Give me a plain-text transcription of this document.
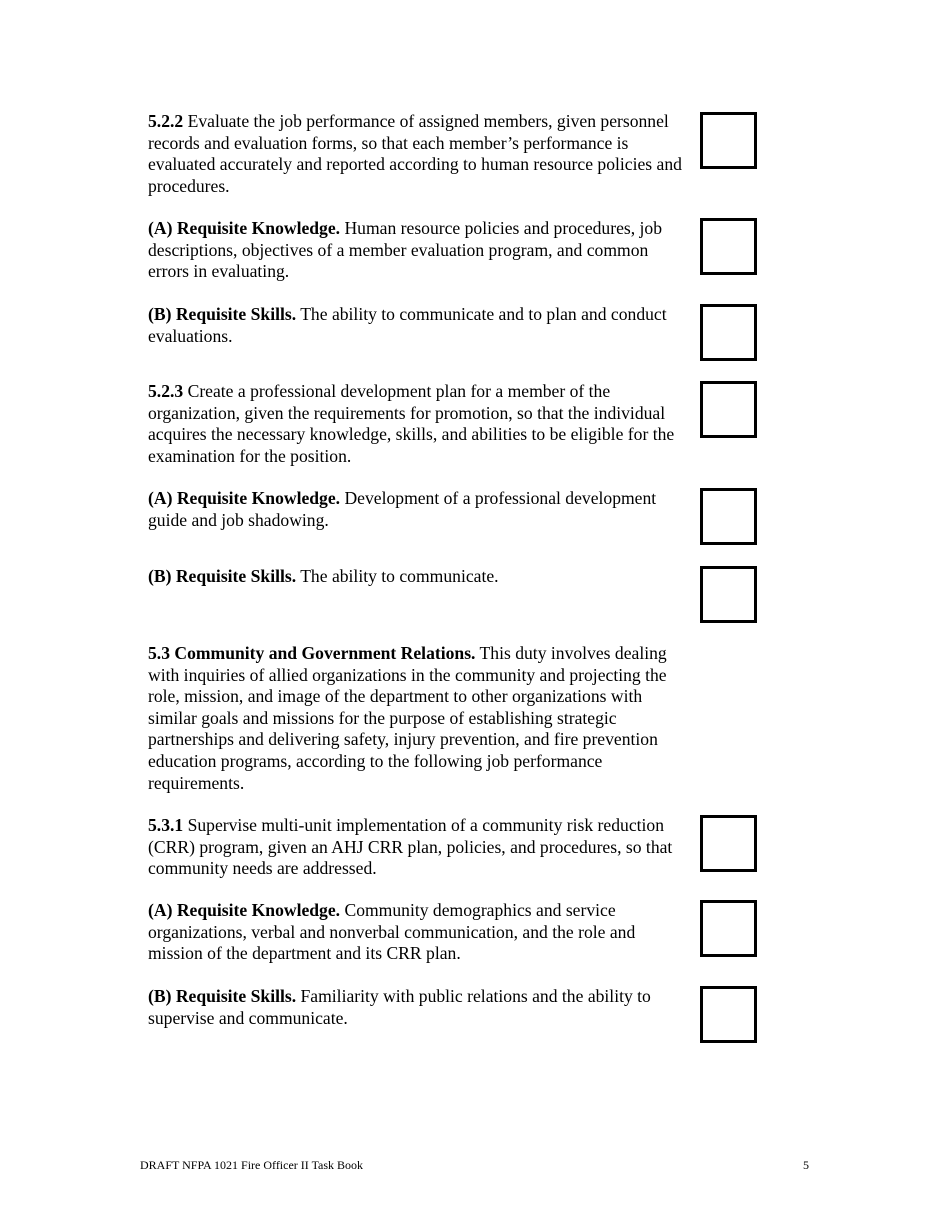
5.2.2 Evaluate the job performance of assigned members, given personnel records and evaluation forms, so that each member’s performance is evaluated accurately and reported according to human resource policies and procedures.

(A) Requisite Knowledge. Human resource policies and procedures, job descriptions, objectives of a member evaluation program, and common errors in evaluating.

(B) Requisite Skills. The ability to communicate and to plan and conduct evaluations.

5.2.3 Create a professional development plan for a member of the organization, given the requirements for promotion, so that the individual acquires the necessary knowledge, skills, and abilities to be eligible for the examination for the position.

(A) Requisite Knowledge. Development of a professional development guide and job shadowing.

(B) Requisite Skills. The ability to communicate.

5.3 Community and Government Relations. This duty involves dealing with inquiries of allied organizations in the community and projecting the role, mission, and image of the department to other organizations with similar goals and missions for the purpose of establishing strategic partnerships and delivering safety, injury prevention, and fire prevention education programs, according to the following job performance requirements.

5.3.1 Supervise multi-unit implementation of a community risk reduction (CRR) program, given an AHJ CRR plan, policies, and procedures, so that community needs are addressed.

(A) Requisite Knowledge. Community demographics and service organizations, verbal and nonverbal communication, and the role and mission of the department and its CRR plan.

(B) Requisite Skills. Familiarity with public relations and the ability to supervise and communicate.

DRAFT NFPA 1021 Fire Officer II Task Book	5
